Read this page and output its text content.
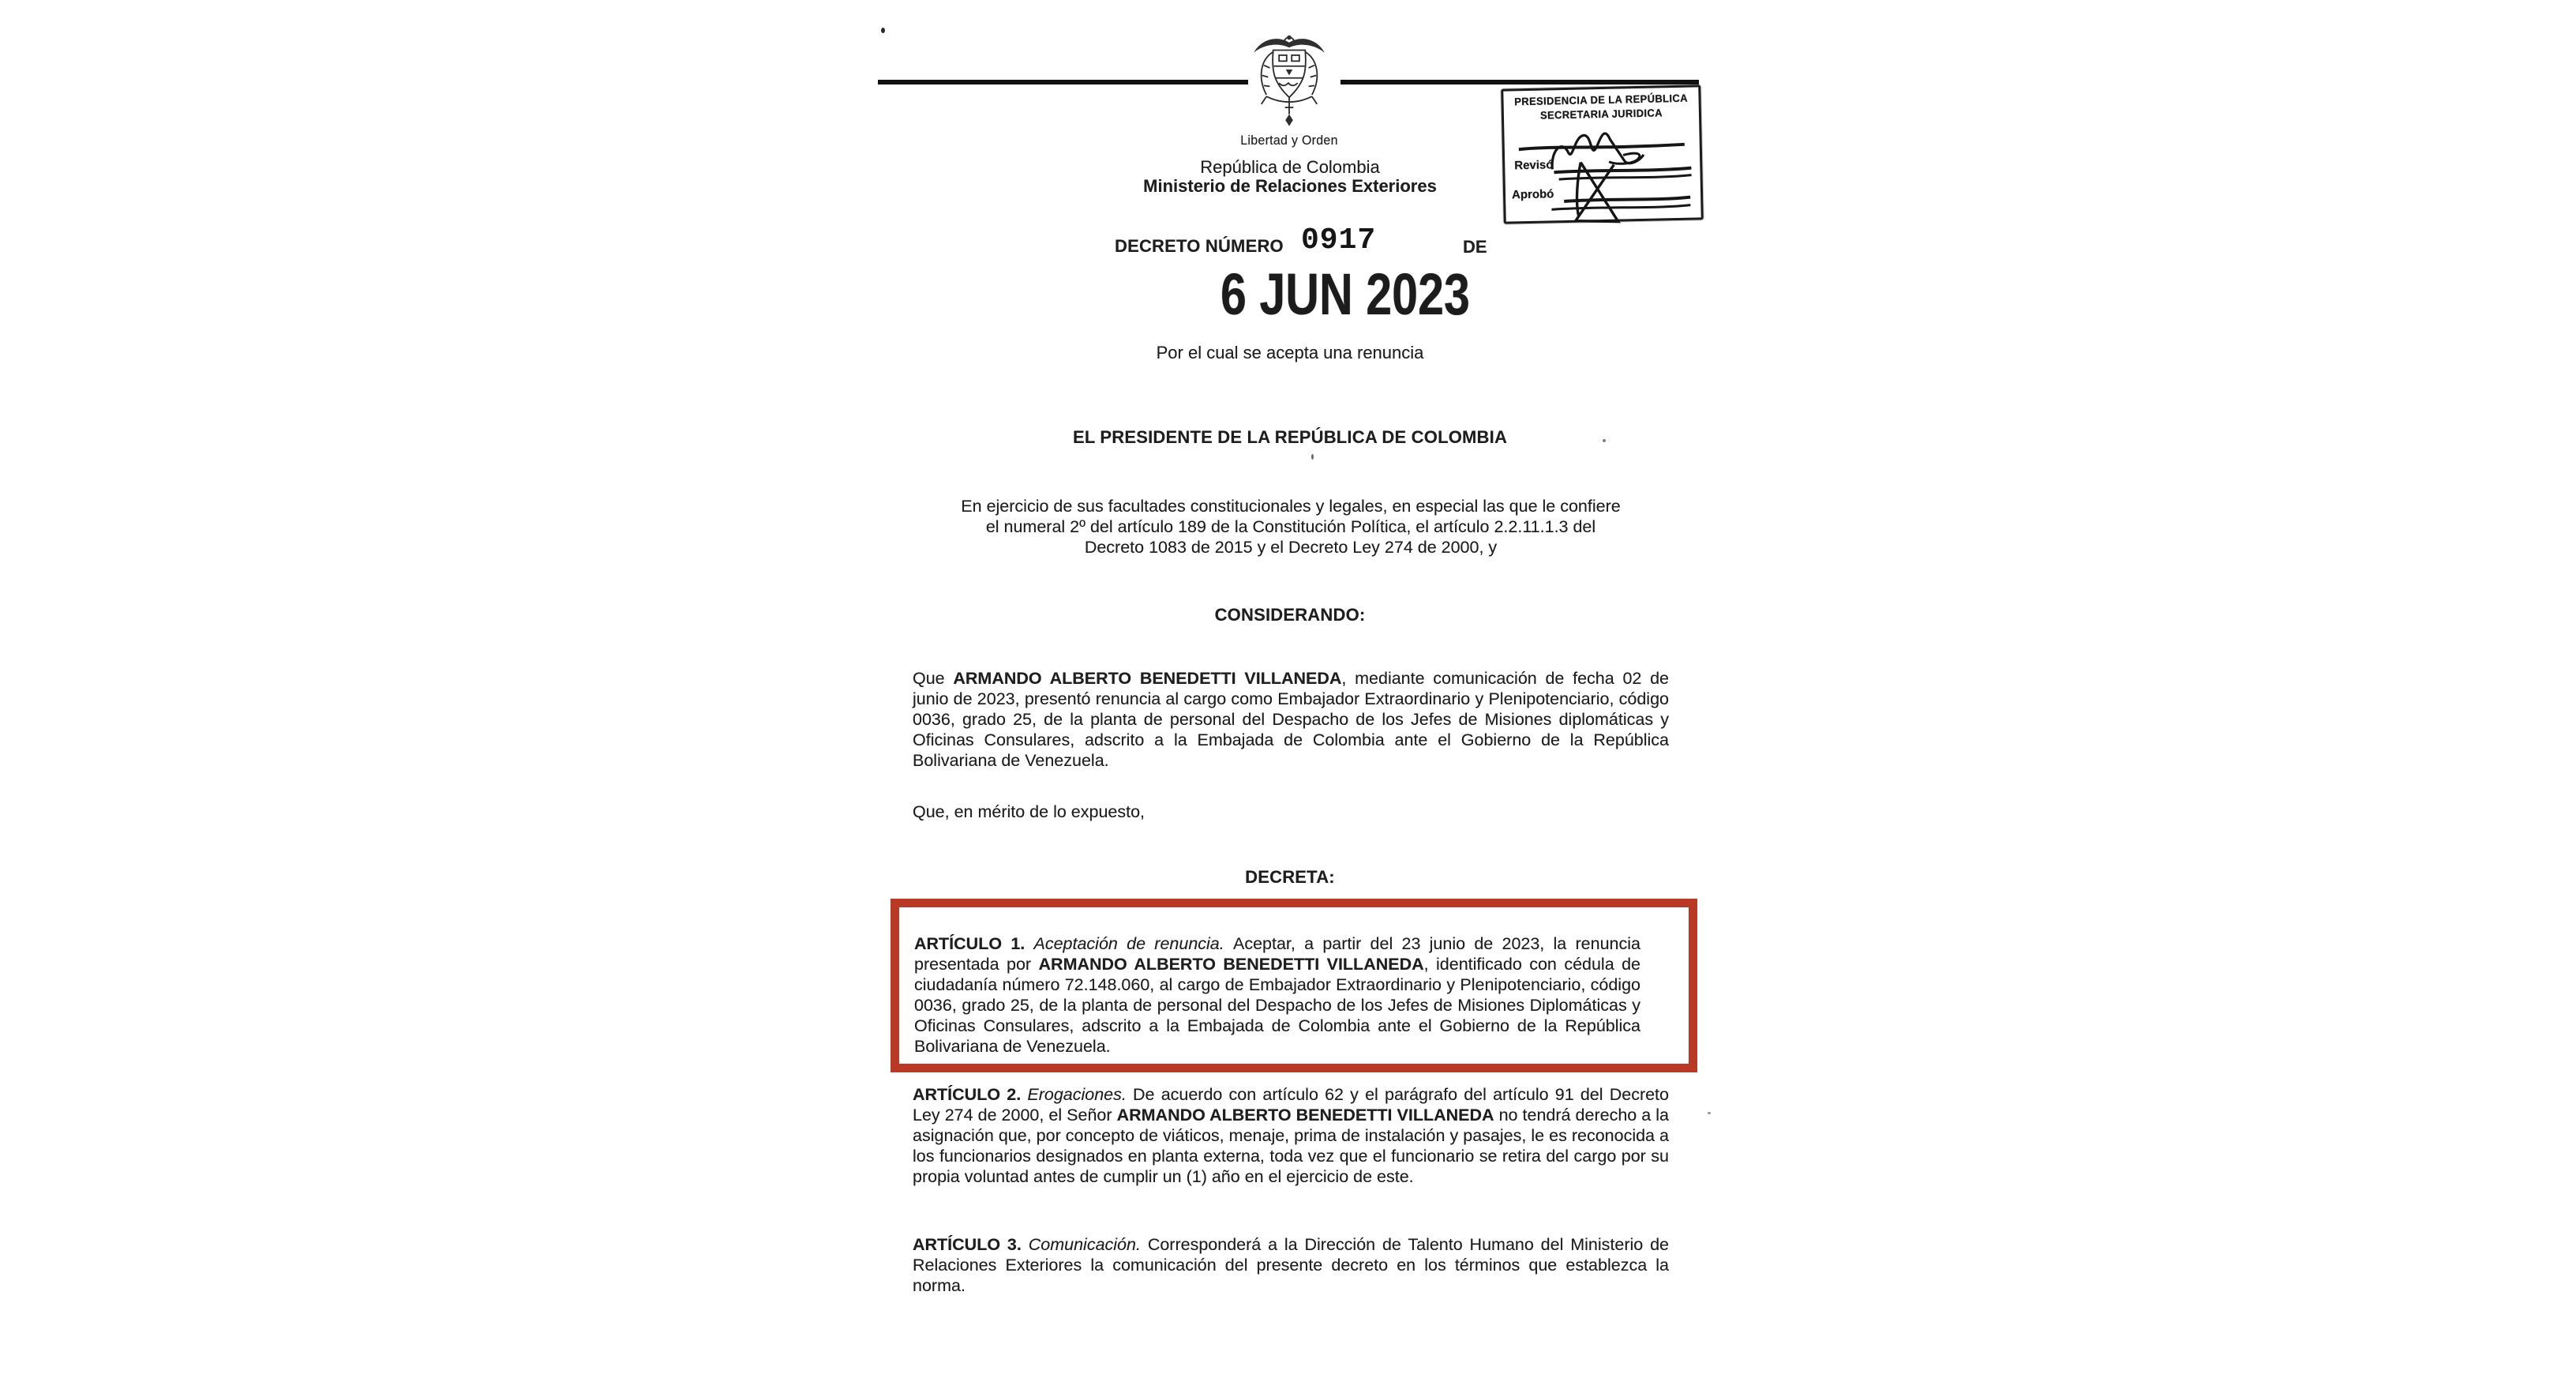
Libertad y Orden
República de Colombia
Ministerio de Relaciones Exteriores
PRESIDENCIA DE LA REPÚBLICA
SECRETARIA JURIDICA
Revisó
Aprobó
DECRETO NÚMERO 0917	DE
6 JUN 2023
Por el cual se acepta una renuncia
EL PRESIDENTE DE LA REPÚBLICA DE COLOMBIA
En ejercicio de sus facultades constitucionales y legales, en especial las que le confiere
el numeral 2º del artículo 189 de la Constitución Política, el artículo 2.2.11.1.3 del
Decreto 1083 de 2015 y el Decreto Ley 274 de 2000, y
CONSIDERANDO:
Que ARMANDO ALBERTO BENEDETTI VILLANEDA, mediante comunicación de fecha 02 de junio de 2023, presentó renuncia al cargo como Embajador Extraordinario y Plenipotenciario, código 0036, grado 25, de la planta de personal del Despacho de los Jefes de Misiones diplomáticas y Oficinas Consulares, adscrito a la Embajada de Colombia ante el Gobierno de la República Bolivariana de Venezuela.
Que, en mérito de lo expuesto,
DECRETA:
ARTÍCULO 1. Aceptación de renuncia. Aceptar, a partir del 23 junio de 2023, la renuncia presentada por ARMANDO ALBERTO BENEDETTI VILLANEDA, identificado con cédula de ciudadanía número 72.148.060, al cargo de Embajador Extraordinario y Plenipotenciario, código 0036, grado 25, de la planta de personal del Despacho de los Jefes de Misiones Diplomáticas y Oficinas Consulares, adscrito a la Embajada de Colombia ante el Gobierno de la República Bolivariana de Venezuela.
ARTÍCULO 2. Erogaciones. De acuerdo con artículo 62 y el parágrafo del artículo 91 del Decreto Ley 274 de 2000, el Señor ARMANDO ALBERTO BENEDETTI VILLANEDA no tendrá derecho a la asignación que, por concepto de viáticos, menaje, prima de instalación y pasajes, le es reconocida a los funcionarios designados en planta externa, toda vez que el funcionario se retira del cargo por su propia voluntad antes de cumplir un (1) año en el ejercicio de este.
ARTÍCULO 3. Comunicación. Corresponderá a la Dirección de Talento Humano del Ministerio de Relaciones Exteriores la comunicación del presente decreto en los términos que establezca la norma.
